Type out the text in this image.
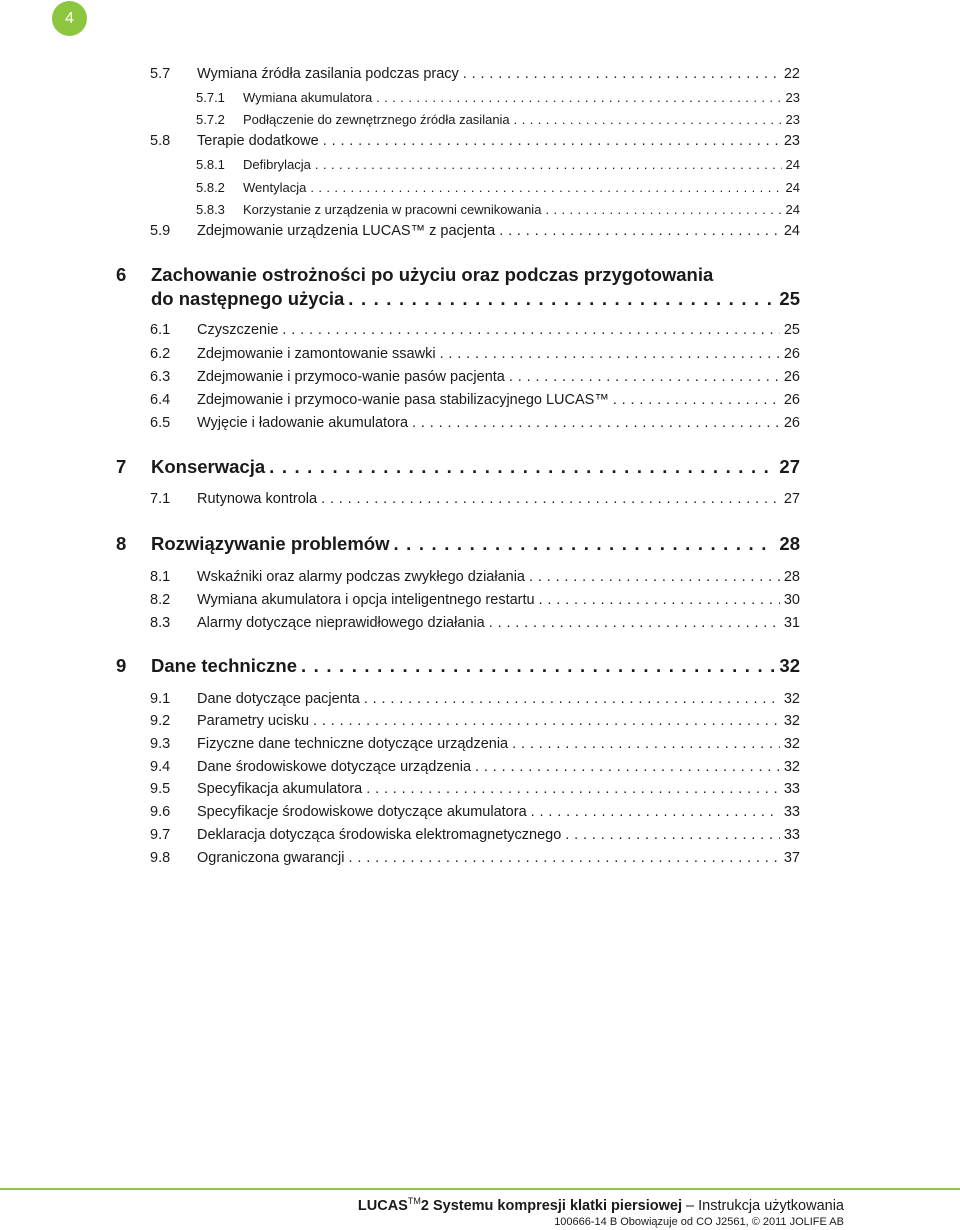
4
5.7	Wymiana źródła zasilania podczas pracy . . .	22
5.7.1	Wymiana akumulatora . . .	23
5.7.2	Podłączenie do zewnętrznego źródła zasilania . . .	23
5.8	Terapie dodatkowe . . .	23
5.8.1	Defibrylacja . . .	24
5.8.2	Wentylacja . . .	24
5.8.3	Korzystanie z urządzenia w pracowni cewnikowania . . .	24
5.9	Zdejmowanie urządzenia LUCAS™ z pacjenta . . .	24
6	Zachowanie ostrożności po użyciu oraz podczas przygotowania
do następnego użycia . . .	25
6.1	Czyszczenie . . .	25
6.2	Zdejmowanie i zamontowanie ssawki . . .	26
6.3	Zdejmowanie i przymoco-wanie pasów pacjenta . . .	26
6.4	Zdejmowanie i przymoco-wanie pasa stabilizacyjnego LUCAS™ . . .	26
6.5	Wyjęcie i ładowanie akumulatora . . .	26
7	Konserwacja . . .	27
7.1	Rutynowa kontrola . . .	27
8	Rozwiązywanie problemów . . .	28
8.1	Wskaźniki oraz alarmy podczas zwykłego działania . . .	28
8.2	Wymiana akumulatora i opcja inteligentnego restartu . . .	30
8.3	Alarmy dotyczące nieprawidłowego działania . . .	31
9	Dane techniczne . . .	32
9.1	Dane dotyczące pacjenta . . .	32
9.2	Parametry ucisku . . .	32
9.3	Fizyczne dane techniczne dotyczące urządzenia . . .	32
9.4	Dane środowiskowe dotyczące urządzenia . . .	32
9.5	Specyfikacja akumulatora . . .	33
9.6	Specyfikacje środowiskowe dotyczące akumulatora . . .	33
9.7	Deklaracja dotycząca środowiska elektromagnetycznego . . .	33
9.8	Ograniczona gwarancji . . .	37
LUCAS™2 Systemu kompresji klatki piersiowej – Instrukcja użytkowania
100666-14 B Obowiązuje od CO J2561, © 2011 JOLIFE AB
